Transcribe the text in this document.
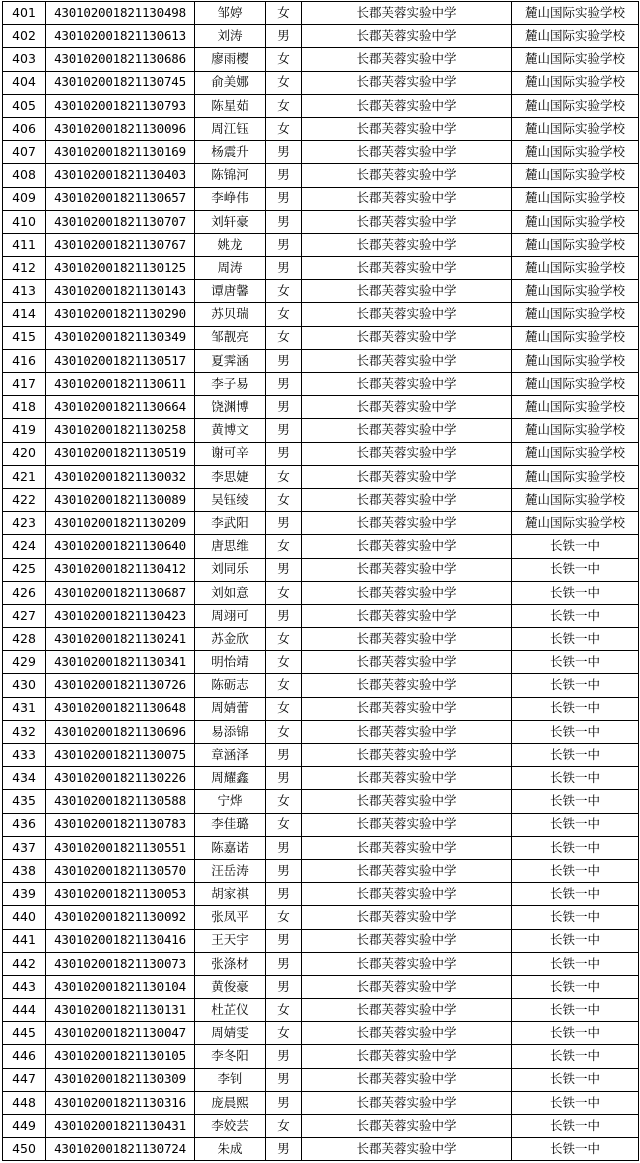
401	430102001821130498	邹婷	女	长郡芙蓉实验中学	麓山国际实验学校
402	430102001821130613	刘涛	男	长郡芙蓉实验中学	麓山国际实验学校
403	430102001821130686	廖雨樱	女	长郡芙蓉实验中学	麓山国际实验学校
404	430102001821130745	俞美娜	女	长郡芙蓉实验中学	麓山国际实验学校
405	430102001821130793	陈星茹	女	长郡芙蓉实验中学	麓山国际实验学校
406	430102001821130096	周江钰	女	长郡芙蓉实验中学	麓山国际实验学校
407	430102001821130169	杨震升	男	长郡芙蓉实验中学	麓山国际实验学校
408	430102001821130403	陈锦河	男	长郡芙蓉实验中学	麓山国际实验学校
409	430102001821130657	李峥伟	男	长郡芙蓉实验中学	麓山国际实验学校
410	430102001821130707	刘轩豪	男	长郡芙蓉实验中学	麓山国际实验学校
411	430102001821130767	姚龙	男	长郡芙蓉实验中学	麓山国际实验学校
412	430102001821130125	周涛	男	长郡芙蓉实验中学	麓山国际实验学校
413	430102001821130143	谭唐馨	女	长郡芙蓉实验中学	麓山国际实验学校
414	430102001821130290	苏贝瑞	女	长郡芙蓉实验中学	麓山国际实验学校
415	430102001821130349	邹靓亮	女	长郡芙蓉实验中学	麓山国际实验学校
416	430102001821130517	夏霁涵	男	长郡芙蓉实验中学	麓山国际实验学校
417	430102001821130611	李子易	男	长郡芙蓉实验中学	麓山国际实验学校
418	430102001821130664	饶渊博	男	长郡芙蓉实验中学	麓山国际实验学校
419	430102001821130258	黄博文	男	长郡芙蓉实验中学	麓山国际实验学校
420	430102001821130519	谢可辛	男	长郡芙蓉实验中学	麓山国际实验学校
421	430102001821130032	李思婕	女	长郡芙蓉实验中学	麓山国际实验学校
422	430102001821130089	吴钰绫	女	长郡芙蓉实验中学	麓山国际实验学校
423	430102001821130209	李武阳	男	长郡芙蓉实验中学	麓山国际实验学校
424	430102001821130640	唐思维	女	长郡芙蓉实验中学	长铁一中
425	430102001821130412	刘同乐	男	长郡芙蓉实验中学	长铁一中
426	430102001821130687	刘如意	女	长郡芙蓉实验中学	长铁一中
427	430102001821130423	周翊可	男	长郡芙蓉实验中学	长铁一中
428	430102001821130241	苏金欣	女	长郡芙蓉实验中学	长铁一中
429	430102001821130341	明怡靖	女	长郡芙蓉实验中学	长铁一中
430	430102001821130726	陈砺志	女	长郡芙蓉实验中学	长铁一中
431	430102001821130648	周婧蕾	女	长郡芙蓉实验中学	长铁一中
432	430102001821130696	易添锦	女	长郡芙蓉实验中学	长铁一中
433	430102001821130075	章涵泽	男	长郡芙蓉实验中学	长铁一中
434	430102001821130226	周耀鑫	男	长郡芙蓉实验中学	长铁一中
435	430102001821130588	宁烨	女	长郡芙蓉实验中学	长铁一中
436	430102001821130783	李佳璐	女	长郡芙蓉实验中学	长铁一中
437	430102001821130551	陈嘉诺	男	长郡芙蓉实验中学	长铁一中
438	430102001821130570	汪岳涛	男	长郡芙蓉实验中学	长铁一中
439	430102001821130053	胡家祺	男	长郡芙蓉实验中学	长铁一中
440	430102001821130092	张凤平	女	长郡芙蓉实验中学	长铁一中
441	430102001821130416	王天宇	男	长郡芙蓉实验中学	长铁一中
442	430102001821130073	张涤材	男	长郡芙蓉实验中学	长铁一中
443	430102001821130104	黄俊豪	男	长郡芙蓉实验中学	长铁一中
444	430102001821130131	杜芷仪	女	长郡芙蓉实验中学	长铁一中
445	430102001821130047	周婧雯	女	长郡芙蓉实验中学	长铁一中
446	430102001821130105	李冬阳	男	长郡芙蓉实验中学	长铁一中
447	430102001821130309	李钊	男	长郡芙蓉实验中学	长铁一中
448	430102001821130316	庞晨熙	男	长郡芙蓉实验中学	长铁一中
449	430102001821130431	李姣芸	女	长郡芙蓉实验中学	长铁一中
450	430102001821130724	朱成	男	长郡芙蓉实验中学	长铁一中
